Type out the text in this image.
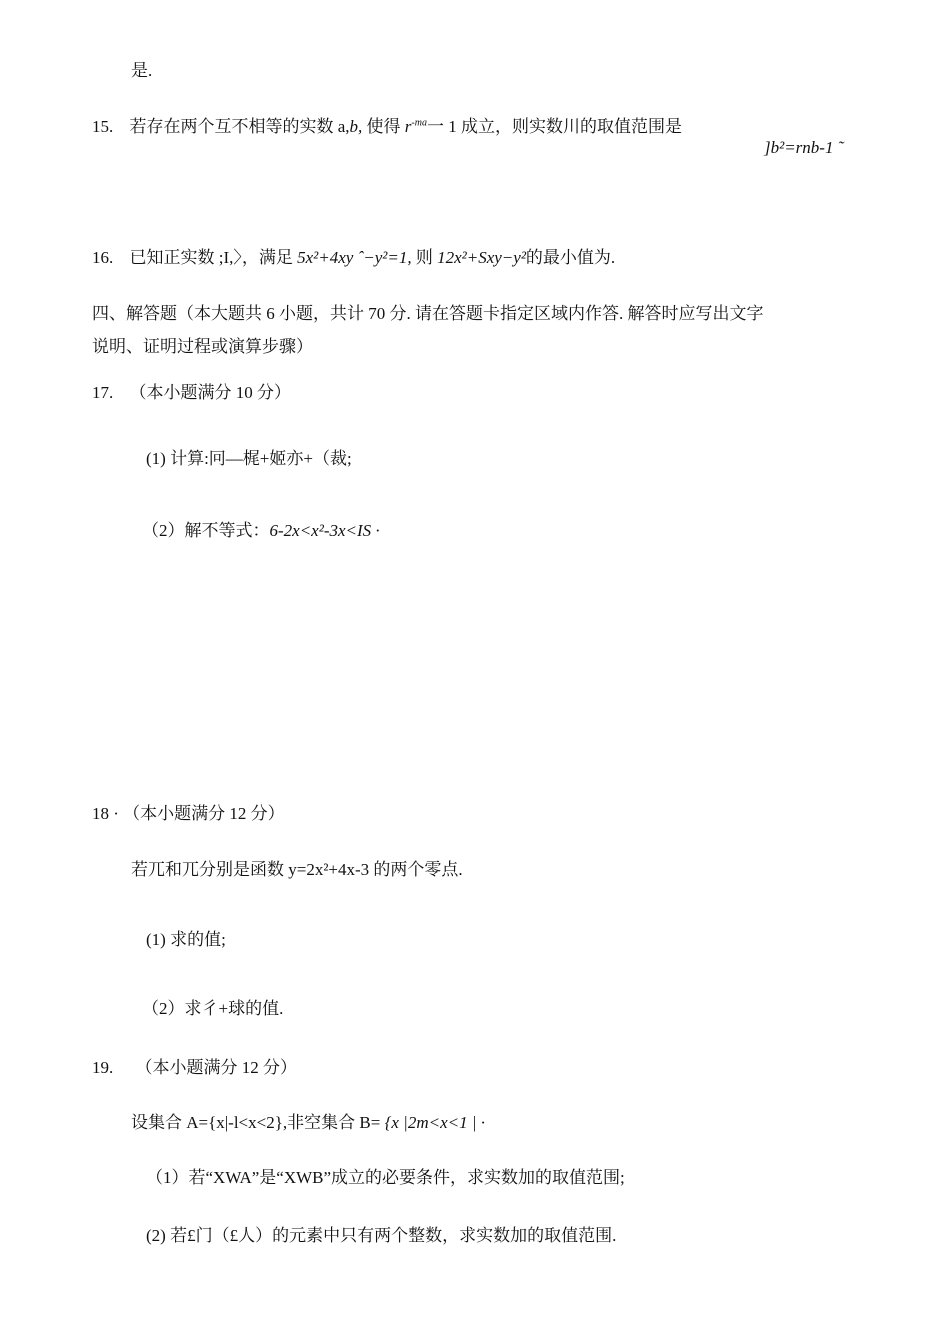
是.
15. 若存在两个互不相等的实数 a,b, 使得 $r^{-ma}$一 1 成立，则实数川的取值范围是
]b²=rnb-1 ˜
16. 已知正实数 ;I,〉，满足 5x²+4xy ˆ−y²=1, 则 12x²+Sxy−y²的最小值为.
四、解答题（本大题共 6 小题，共计 70 分. 请在答题卡指定区域内作答. 解答时应写出文字
说明、证明过程或演算步骤）
17. （本小题满分 10 分）
(1) 计算:冋—梶+姬亦+（裁;
（2）解不等式：6-2x<x²-3x<IS ·
18 · （本小题满分 12 分）
若兀和兀分别是函数 y=2x²+4x-3 的两个零点.
(1) 求的值;
（2）求彳+球的值.
19. （本小题满分 12 分）
设集合 A={x|-l<x<2},非空集合 B= {x |2m<x<1 | ·
（1）若“XWA”是“XWB”成立的必要条件，求实数加的取值范围;
(2) 若£门（£人）的元素中只有两个整数，求实数加的取值范围.
